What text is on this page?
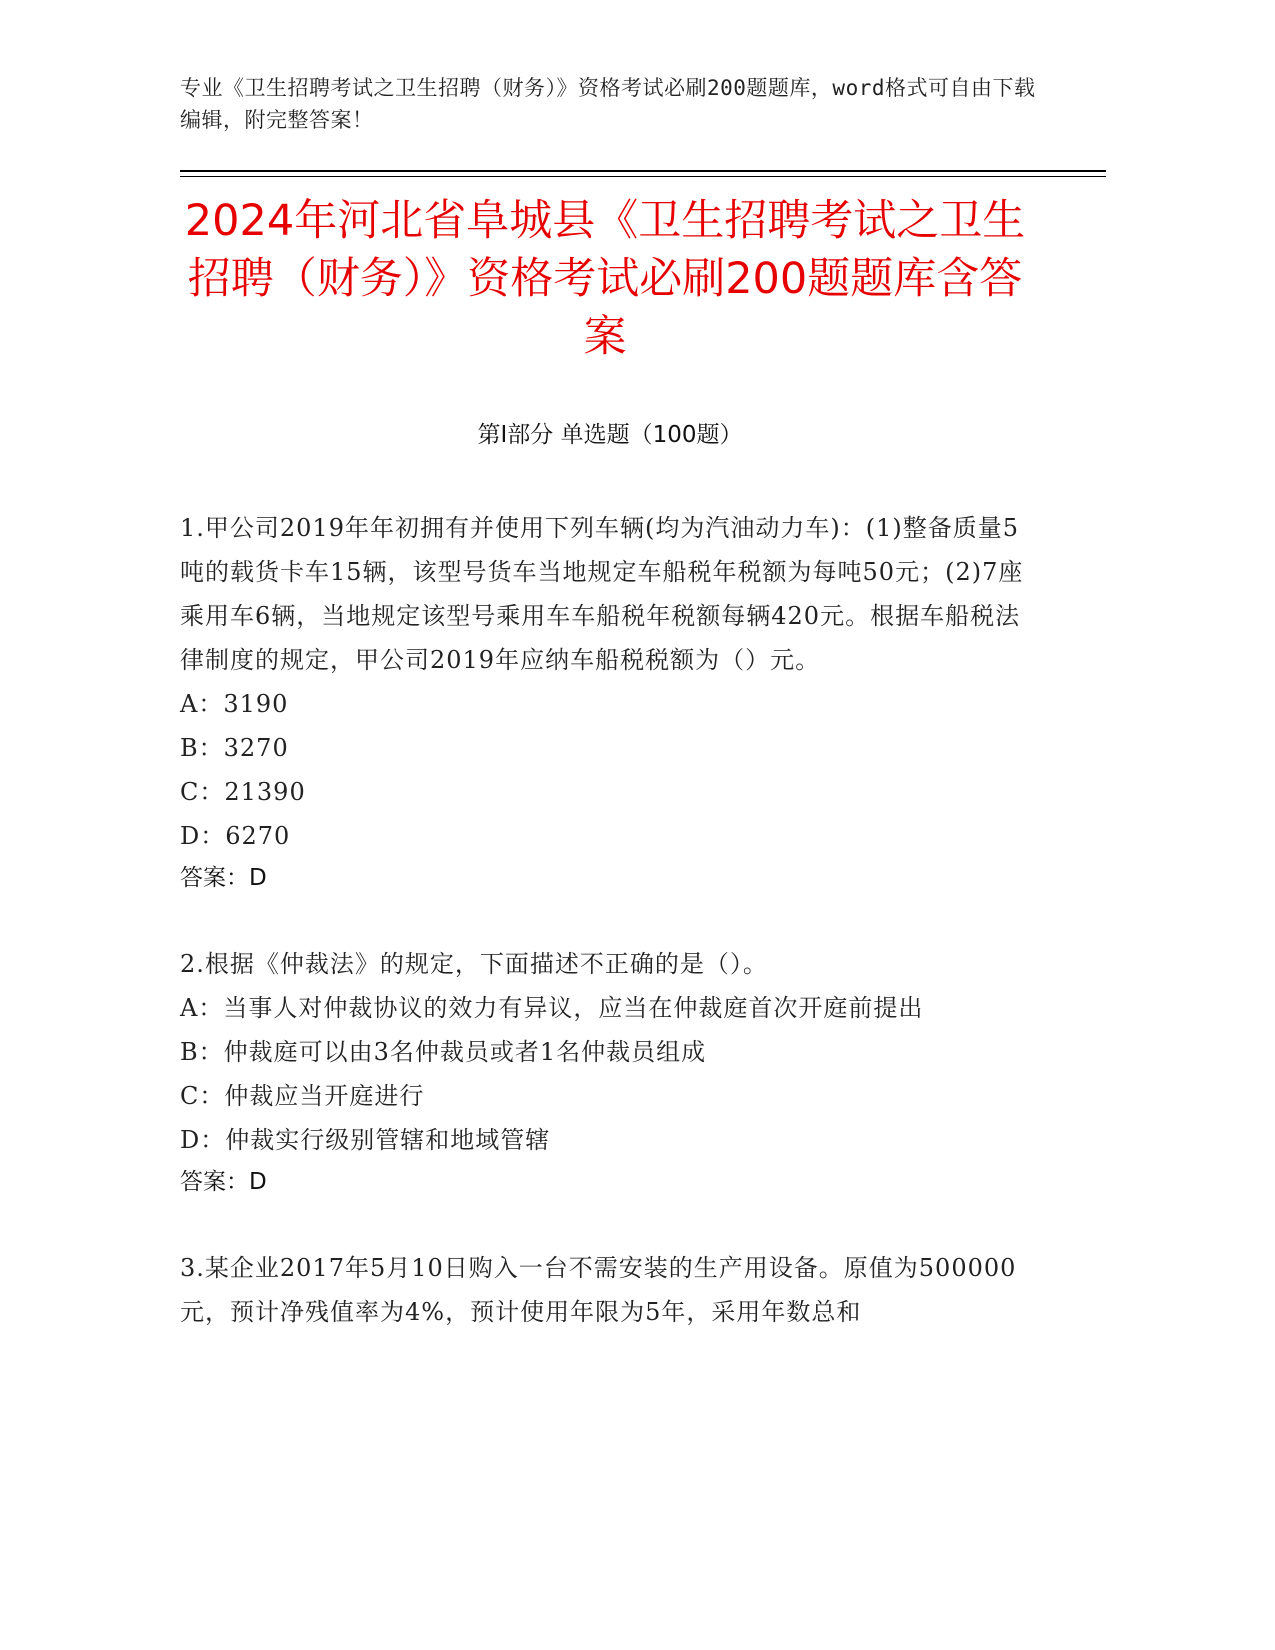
专业《卫生招聘考试之卫生招聘（财务）》资格考试必刷200题题库，word格式可自由下载编辑，附完整答案！
2024年河北省阜城县《卫生招聘考试之卫生招聘（财务）》资格考试必刷200题题库含答案
第Ⅰ部分 单选题（100题）
1.甲公司2019年年初拥有并使用下列车辆(均为汽油动力车)：(1)整备质量5吨的载货卡车15辆，该型号货车当地规定车船税年税额为每吨50元；(2)7座乘用车6辆，当地规定该型号乘用车车船税年税额每辆420元。根据车船税法律制度的规定，甲公司2019年应纳车船税税额为（）元。
A：3190
B：3270
C：21390
D：6270
答案：D
2.根据《仲裁法》的规定，下面描述不正确的是（）。
A：当事人对仲裁协议的效力有异议，应当在仲裁庭首次开庭前提出
B：仲裁庭可以由3名仲裁员或者1名仲裁员组成
C：仲裁应当开庭进行
D：仲裁实行级别管辖和地域管辖
答案：D
3.某企业2017年5月10日购入一台不需安装的生产用设备。原值为500000元，预计净残值率为4%，预计使用年限为5年，采用年数总和
